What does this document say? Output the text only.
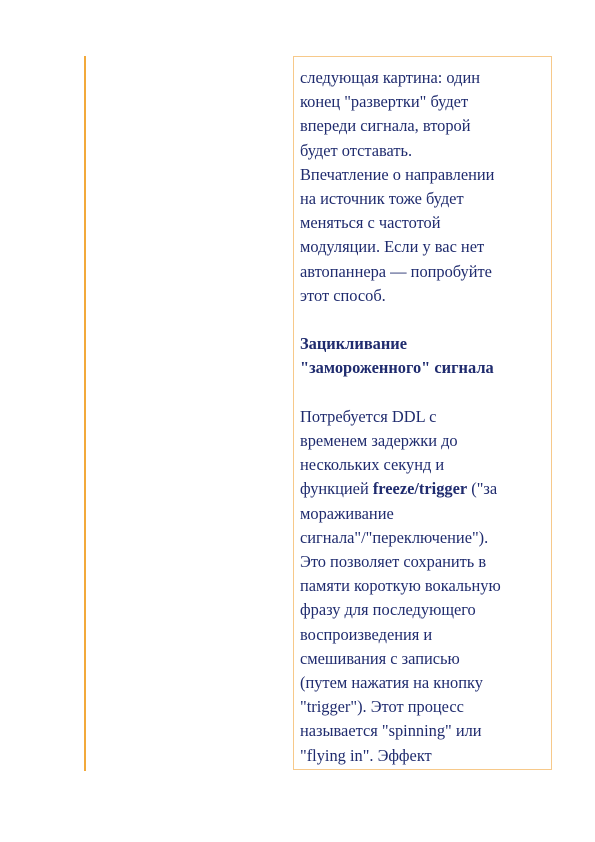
следующая картина: один
конец "развертки" будет
впереди сигнала, второй
будет отставать.
Впечатление о направлении
на источник тоже будет
меняться с частотой
модуляции. Если у вас нет
автопаннера — попробуйте
этот способ.
Зацикливание
"замороженного" сигнала
Потребуется DDL с
временем задержки до
нескольких секунд и
функцией freeze/trigger ("за
мораживание
сигнала"/"переключение").
Это позволяет сохранить в
памяти короткую вокальную
фразу для последующего
воспроизведения и
смешивания с записью
(путем нажатия на кнопку
"trigger"). Этот процесс
называется "spinning" или
"flying in". Эффект
